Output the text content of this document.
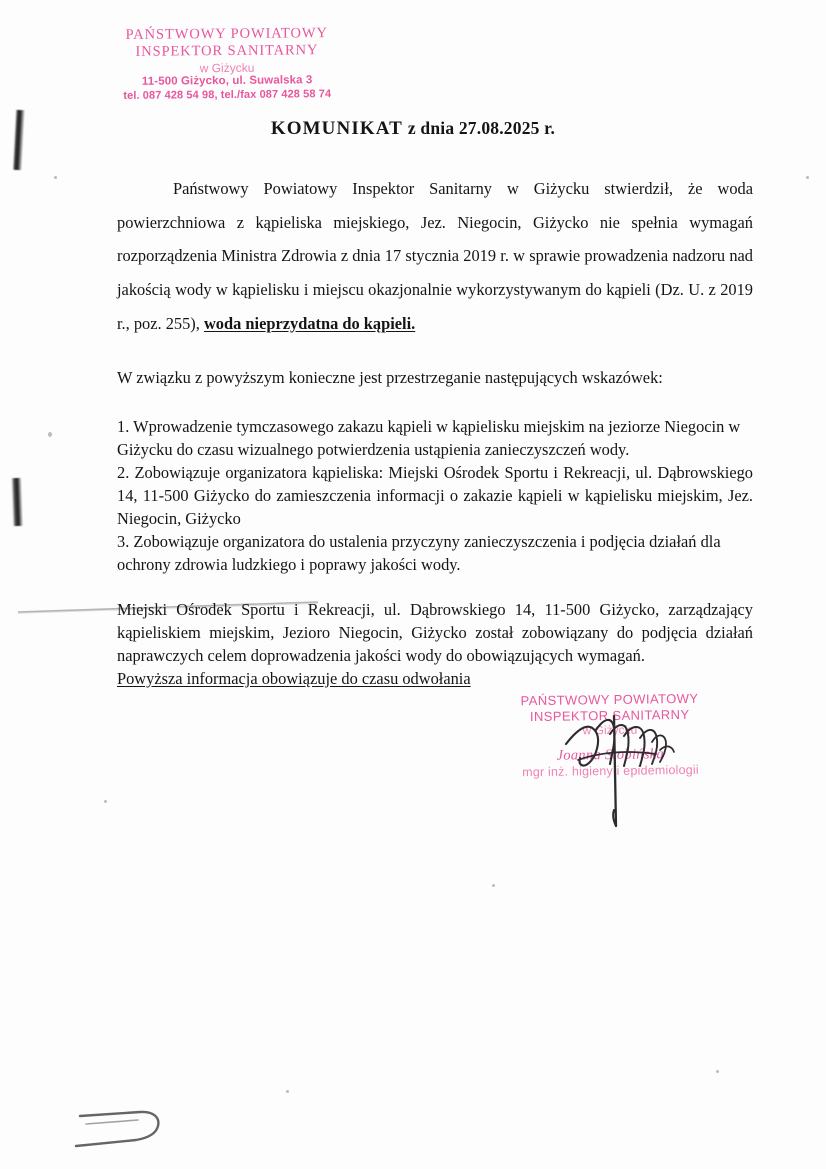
PAŃSTWOWY POWIATOWY
INSPEKTOR SANITARNY
w Giżycku
11-500 Giżycko, ul. Suwalska 3
tel. 087 428 54 98, tel./fax 087 428 58 74
KOMUNIKAT z dnia 27.08.2025 r.

Państwowy Powiatowy Inspektor Sanitarny w Giżycku stwierdził, że woda powierzchniowa z kąpieliska miejskiego, Jez. Niegocin, Giżycko nie spełnia wymagań rozporządzenia Ministra Zdrowia z dnia 17 stycznia 2019 r. w sprawie prowadzenia nadzoru nad jakością wody w kąpielisku i miejscu okazjonalnie wykorzystywanym do kąpieli (Dz. U. z 2019 r., poz. 255), woda nieprzydatna do kąpieli.

W związku z powyższym konieczne jest przestrzeganie następujących wskazówek:

1. Wprowadzenie tymczasowego zakazu kąpieli w kąpielisku miejskim na jeziorze Niegocin w Giżycku do czasu wizualnego potwierdzenia ustąpienia zanieczyszczeń wody.

2. Zobowiązuje organizatora kąpieliska: Miejski Ośrodek Sportu i Rekreacji, ul. Dąbrowskiego 14, 11-500 Giżycko do zamieszczenia informacji o zakazie kąpieli w kąpielisku miejskim, Jez. Niegocin, Giżycko

3. Zobowiązuje organizatora do ustalenia przyczyny zanieczyszczenia i podjęcia działań dla ochrony zdrowia ludzkiego i poprawy jakości wody.

Miejski Ośrodek Sportu i Rekreacji, ul. Dąbrowskiego 14, 11-500 Giżycko, zarządzający kąpieliskiem miejskim, Jezioro Niegocin, Giżycko został zobowiązany do podjęcia działań naprawczych celem doprowadzenia jakości wody do obowiązujących wymagań.

Powyższa informacja obowiązuje do czasu odwołania

PAŃSTWOWY POWIATOWY
INSPEKTOR SANITARNY
w Giżycku
Joanna Stobińska
mgr inż. higieny i epidemiologii
